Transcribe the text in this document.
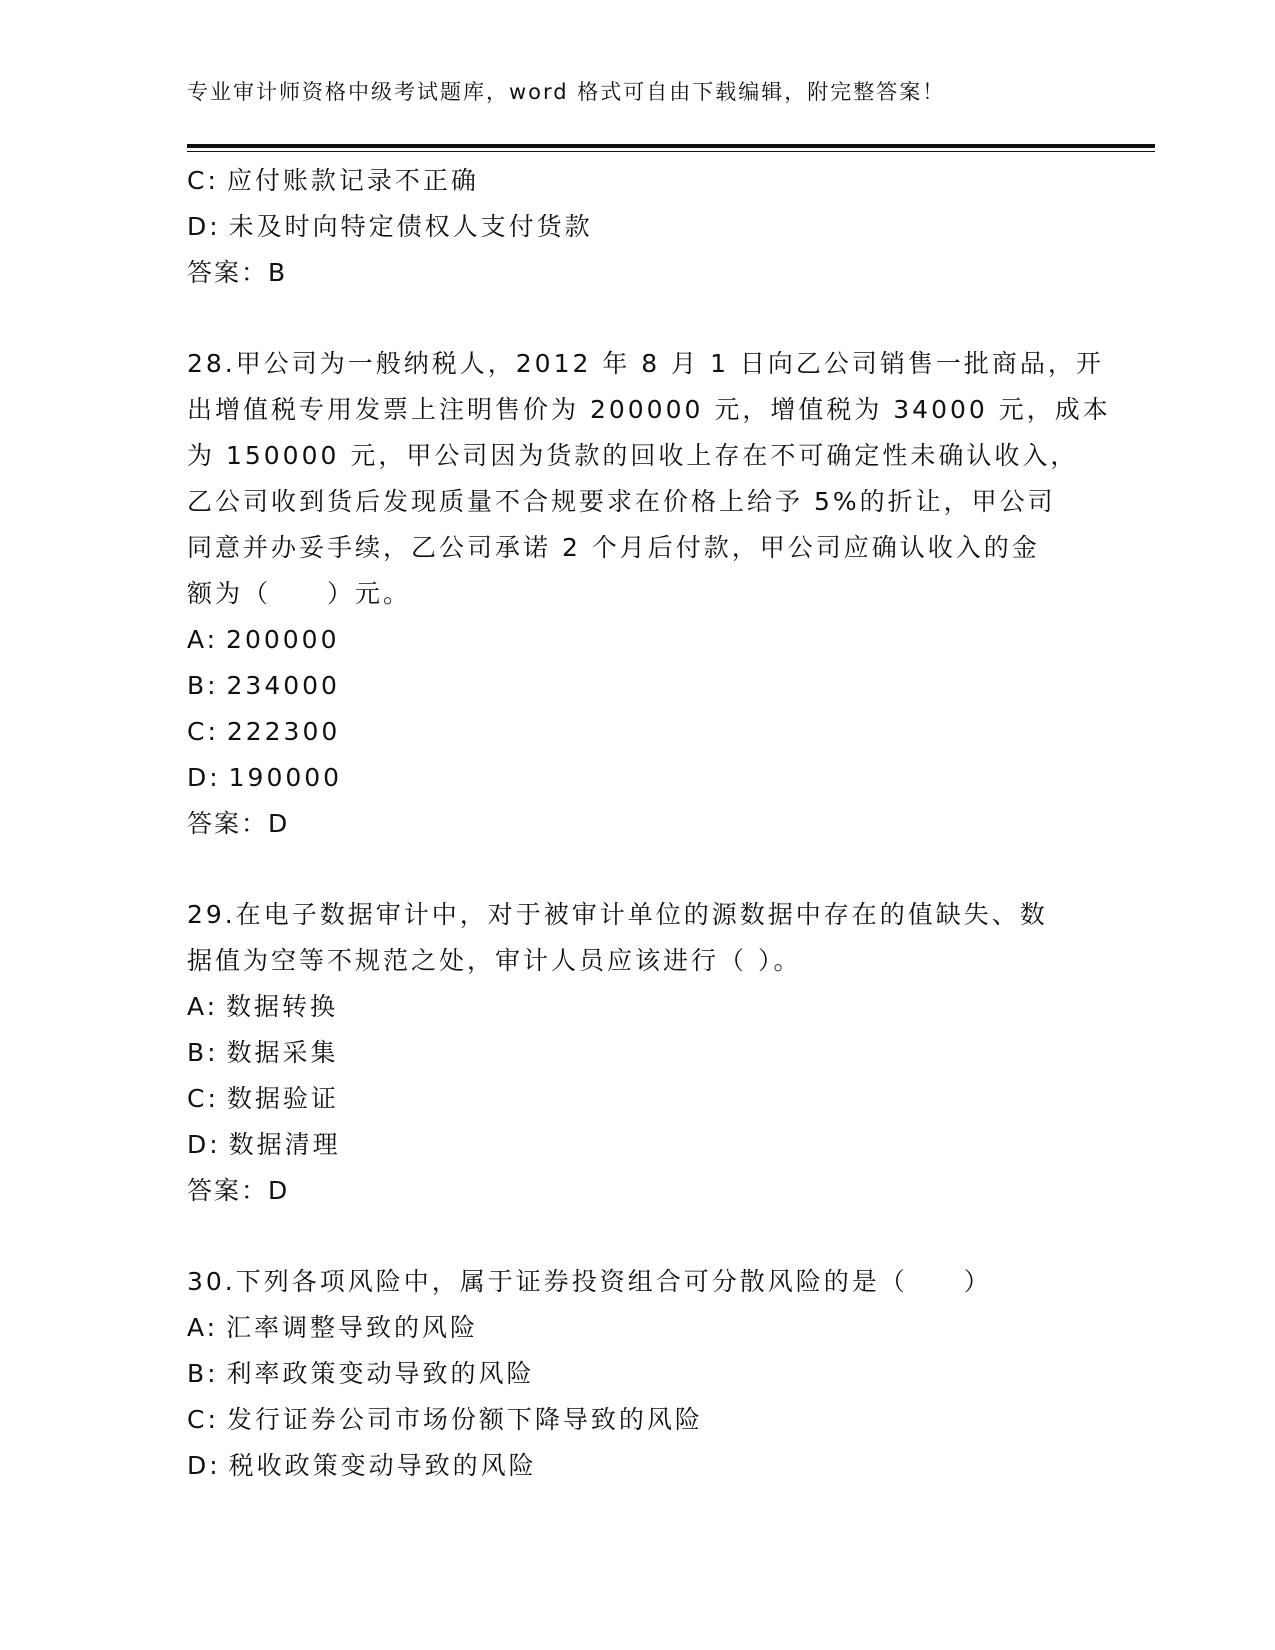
专业审计师资格中级考试题库，word 格式可自由下载编辑，附完整答案！
C: 应付账款记录不正确
D: 未及时向特定债权人支付货款
答案：B
28.甲公司为一般纳税人，2012 年 8 月 1 日向乙公司销售一批商品，开
出增值税专用发票上注明售价为 200000 元，增值税为 34000 元，成本
为 150000 元，甲公司因为货款的回收上存在不可确定性未确认收入，
乙公司收到货后发现质量不合规要求在价格上给予 5%的折让，甲公司
同意并办妥手续，乙公司承诺 2 个月后付款，甲公司应确认收入的金
额为（　　）元。
A: 200000
B: 234000
C: 222300
D: 190000
答案：D
29.在电子数据审计中，对于被审计单位的源数据中存在的值缺失、数
据值为空等不规范之处，审计人员应该进行（ ）。
A: 数据转换
B: 数据采集
C: 数据验证
D: 数据清理
答案：D
30.下列各项风险中，属于证券投资组合可分散风险的是（　　）
A: 汇率调整导致的风险
B: 利率政策变动导致的风险
C: 发行证券公司市场份额下降导致的风险
D: 税收政策变动导致的风险
